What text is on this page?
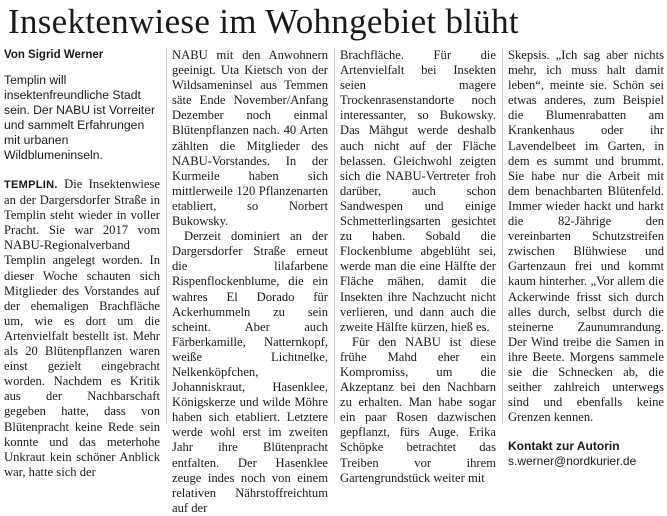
Insektenwiese im Wohngebiet blüht
Von Sigrid Werner
Templin will insektenfreundliche Stadt sein. Der NABU ist Vorreiter und sammelt Erfahrungen mit urbanen Wildblumeninseln.

TEMPLIN. Die Insektenwiese an der Dargersdorfer Straße in Templin steht wieder in voller Pracht. Sie war 2017 vom NABU-Regionalverband Templin angelegt worden. In dieser Woche schauten sich Mitglieder des Vorstandes auf der ehemaligen Brachfläche um, wie es dort um die Artenvielfalt bestellt ist. Mehr als 20 Blütenpflanzen waren einst gezielt eingebracht worden. Nachdem es Kritik aus der Nachbarschaft gegeben hatte, dass von Blütenpracht keine Rede sein konnte und das meterhohe Unkraut kein schöner Anblick war, hatte sich der

NABU mit den Anwohnern geeinigt. Uta Kietsch von der Wildsameninsel aus Temmen säte Ende November/Anfang Dezember noch einmal Blütenpflanzen nach. 40 Arten zählten die Mitglieder des NABU-Vorstandes. In der Kurmeile haben sich mittlerweile 120 Pflanzenarten etabliert, so Norbert Bukowsky.

Derzeit dominiert an der Dargersdorfer Straße erneut die lilafarbene Rispenflockenblume, die ein wahres El Dorado für Ackerhummeln zu sein scheint. Aber auch Färberkamille, Natternkopf, weiße Lichtnelke, Nelkenköpfchen, Johanniskraut, Hasenklee, Königskerze und wilde Möhre haben sich etabliert. Letztere werde wohl erst im zweiten Jahr ihre Blütenpracht entfalten. Der Hasenklee zeuge indes noch von einem relativen Nährstoffreichtum auf der

Brachfläche. Für die Artenvielfalt bei Insekten seien magere Trockenrasenstandorte noch interessanter, so Bukowsky. Das Mähgut werde deshalb auch nicht auf der Fläche belassen. Gleichwohl zeigten sich die NABU-Vertreter froh darüber, auch schon Sandwespen und einige Schmetterlingsarten gesichtet zu haben. Sobald die Flockenblume abgeblüht sei, werde man die eine Hälfte der Fläche mähen, damit die Insekten ihre Nachzucht nicht verlieren, und dann auch die zweite Hälfte kürzen, hieß es.

Für den NABU ist diese frühe Mahd eher ein Kompromiss, um die Akzeptanz bei den Nachbarn zu erhalten. Man habe sogar ein paar Rosen dazwischen gepflanzt, fürs Auge. Erika Schöpke betrachtet das Treiben vor ihrem Gartengrundstück weiter mit

Skepsis. „Ich sag aber nichts mehr, ich muss halt damit leben“, meinte sie. Schön sei etwas anderes, zum Beispiel die Blumenrabatten am Krankenhaus oder ihr Lavendelbeet im Garten, in dem es summt und brummt. Sie habe nur die Arbeit mit dem benachbarten Blütenfeld. Immer wieder hackt und harkt die 82-Jährige den vereinbarten Schutzstreifen zwischen Blühwiese und Gartenzaun frei und kommt kaum hinterher. „Vor allem die Ackerwinde frisst sich durch alles durch, selbst durch die steinerne Zaunumrandung. Der Wind treibe die Samen in ihre Beete. Morgens sammele sie die Schnecken ab, die seither zahlreich unterwegs sind und ebenfalls keine Grenzen kennen.

Kontakt zur Autorin
s.werner@nordkurier.de
